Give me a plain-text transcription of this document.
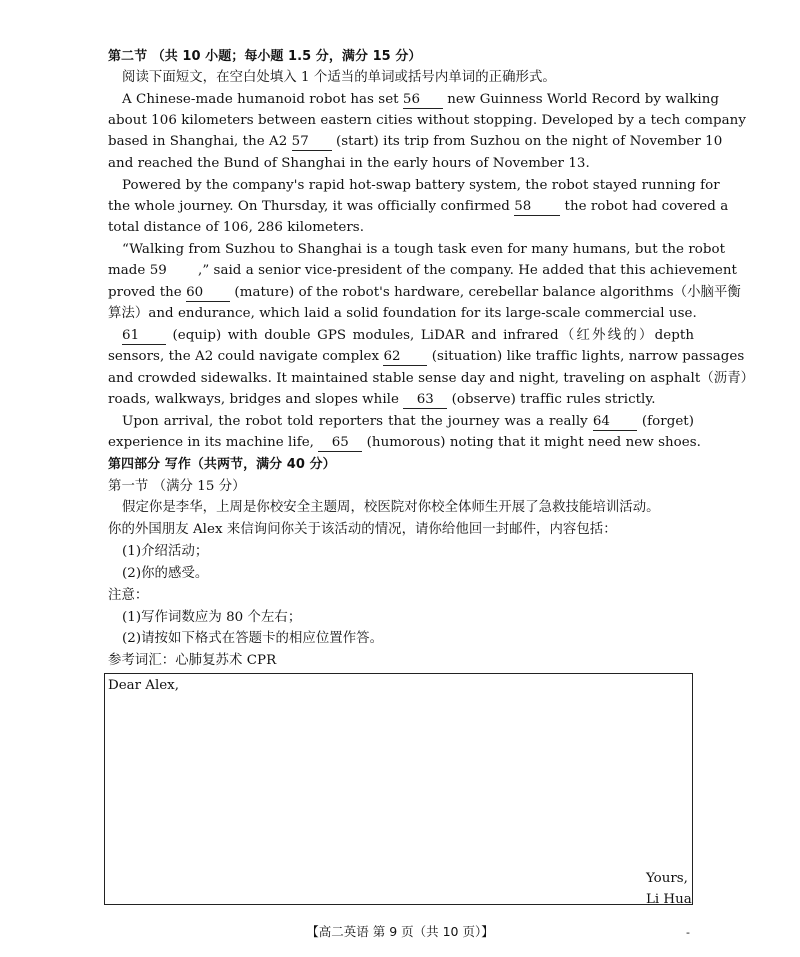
第二节 （共 10 小题；每小题 1.5 分，满分 15 分）
阅读下面短文，在空白处填入 1 个适当的单词或括号内单词的正确形式。
A Chinese-made humanoid robot has set 56 new Guinness World Record by walking
about 106 kilometers between eastern cities without stopping. Developed by a tech company
based in Shanghai, the A2 57 (start) its trip from Suzhou on the night of November 10
and reached the Bund of Shanghai in the early hours of November 13.
Powered by the company's rapid hot-swap battery system, the robot stayed running for
the whole journey. On Thursday, it was officially confirmed 58 the robot had covered a
total distance of 106, 286 kilometers.
“Walking from Suzhou to Shanghai is a tough task even for many humans, but the robot
made 59 ,” said a senior vice-president of the company. He added that this achievement
proved the 60 (mature) of the robot's hardware, cerebellar balance algorithms（小脑平衡
算法）and endurance, which laid a solid foundation for its large-scale commercial use.
61 (equip) with double GPS modules, LiDAR and infrared（红外线的）depth
sensors, the A2 could navigate complex 62 (situation) like traffic lights, narrow passages
and crowded sidewalks. It maintained stable sense day and night, traveling on asphalt（沥青）
roads, walkways, bridges and slopes while 63 (observe) traffic rules strictly.
Upon arrival, the robot told reporters that the journey was a really 64 (forget)
experience in its machine life, 65 (humorous) noting that it might need new shoes.
第四部分 写作（共两节，满分 40 分）
第一节 （满分 15 分）
假定你是李华，上周是你校安全主题周，校医院对你校全体师生开展了急救技能培训活动。
你的外国朋友 Alex 来信询问你关于该活动的情况，请你给他回一封邮件，内容包括：
(1)介绍活动；
(2)你的感受。
注意：
(1)写作词数应为 80 个左右；
(2)请按如下格式在答题卡的相应位置作答。
参考词汇：心肺复苏术 CPR
Dear Alex,
Yours,
Li Hua
【高二英语 第 9 页（共 10 页）】	-
